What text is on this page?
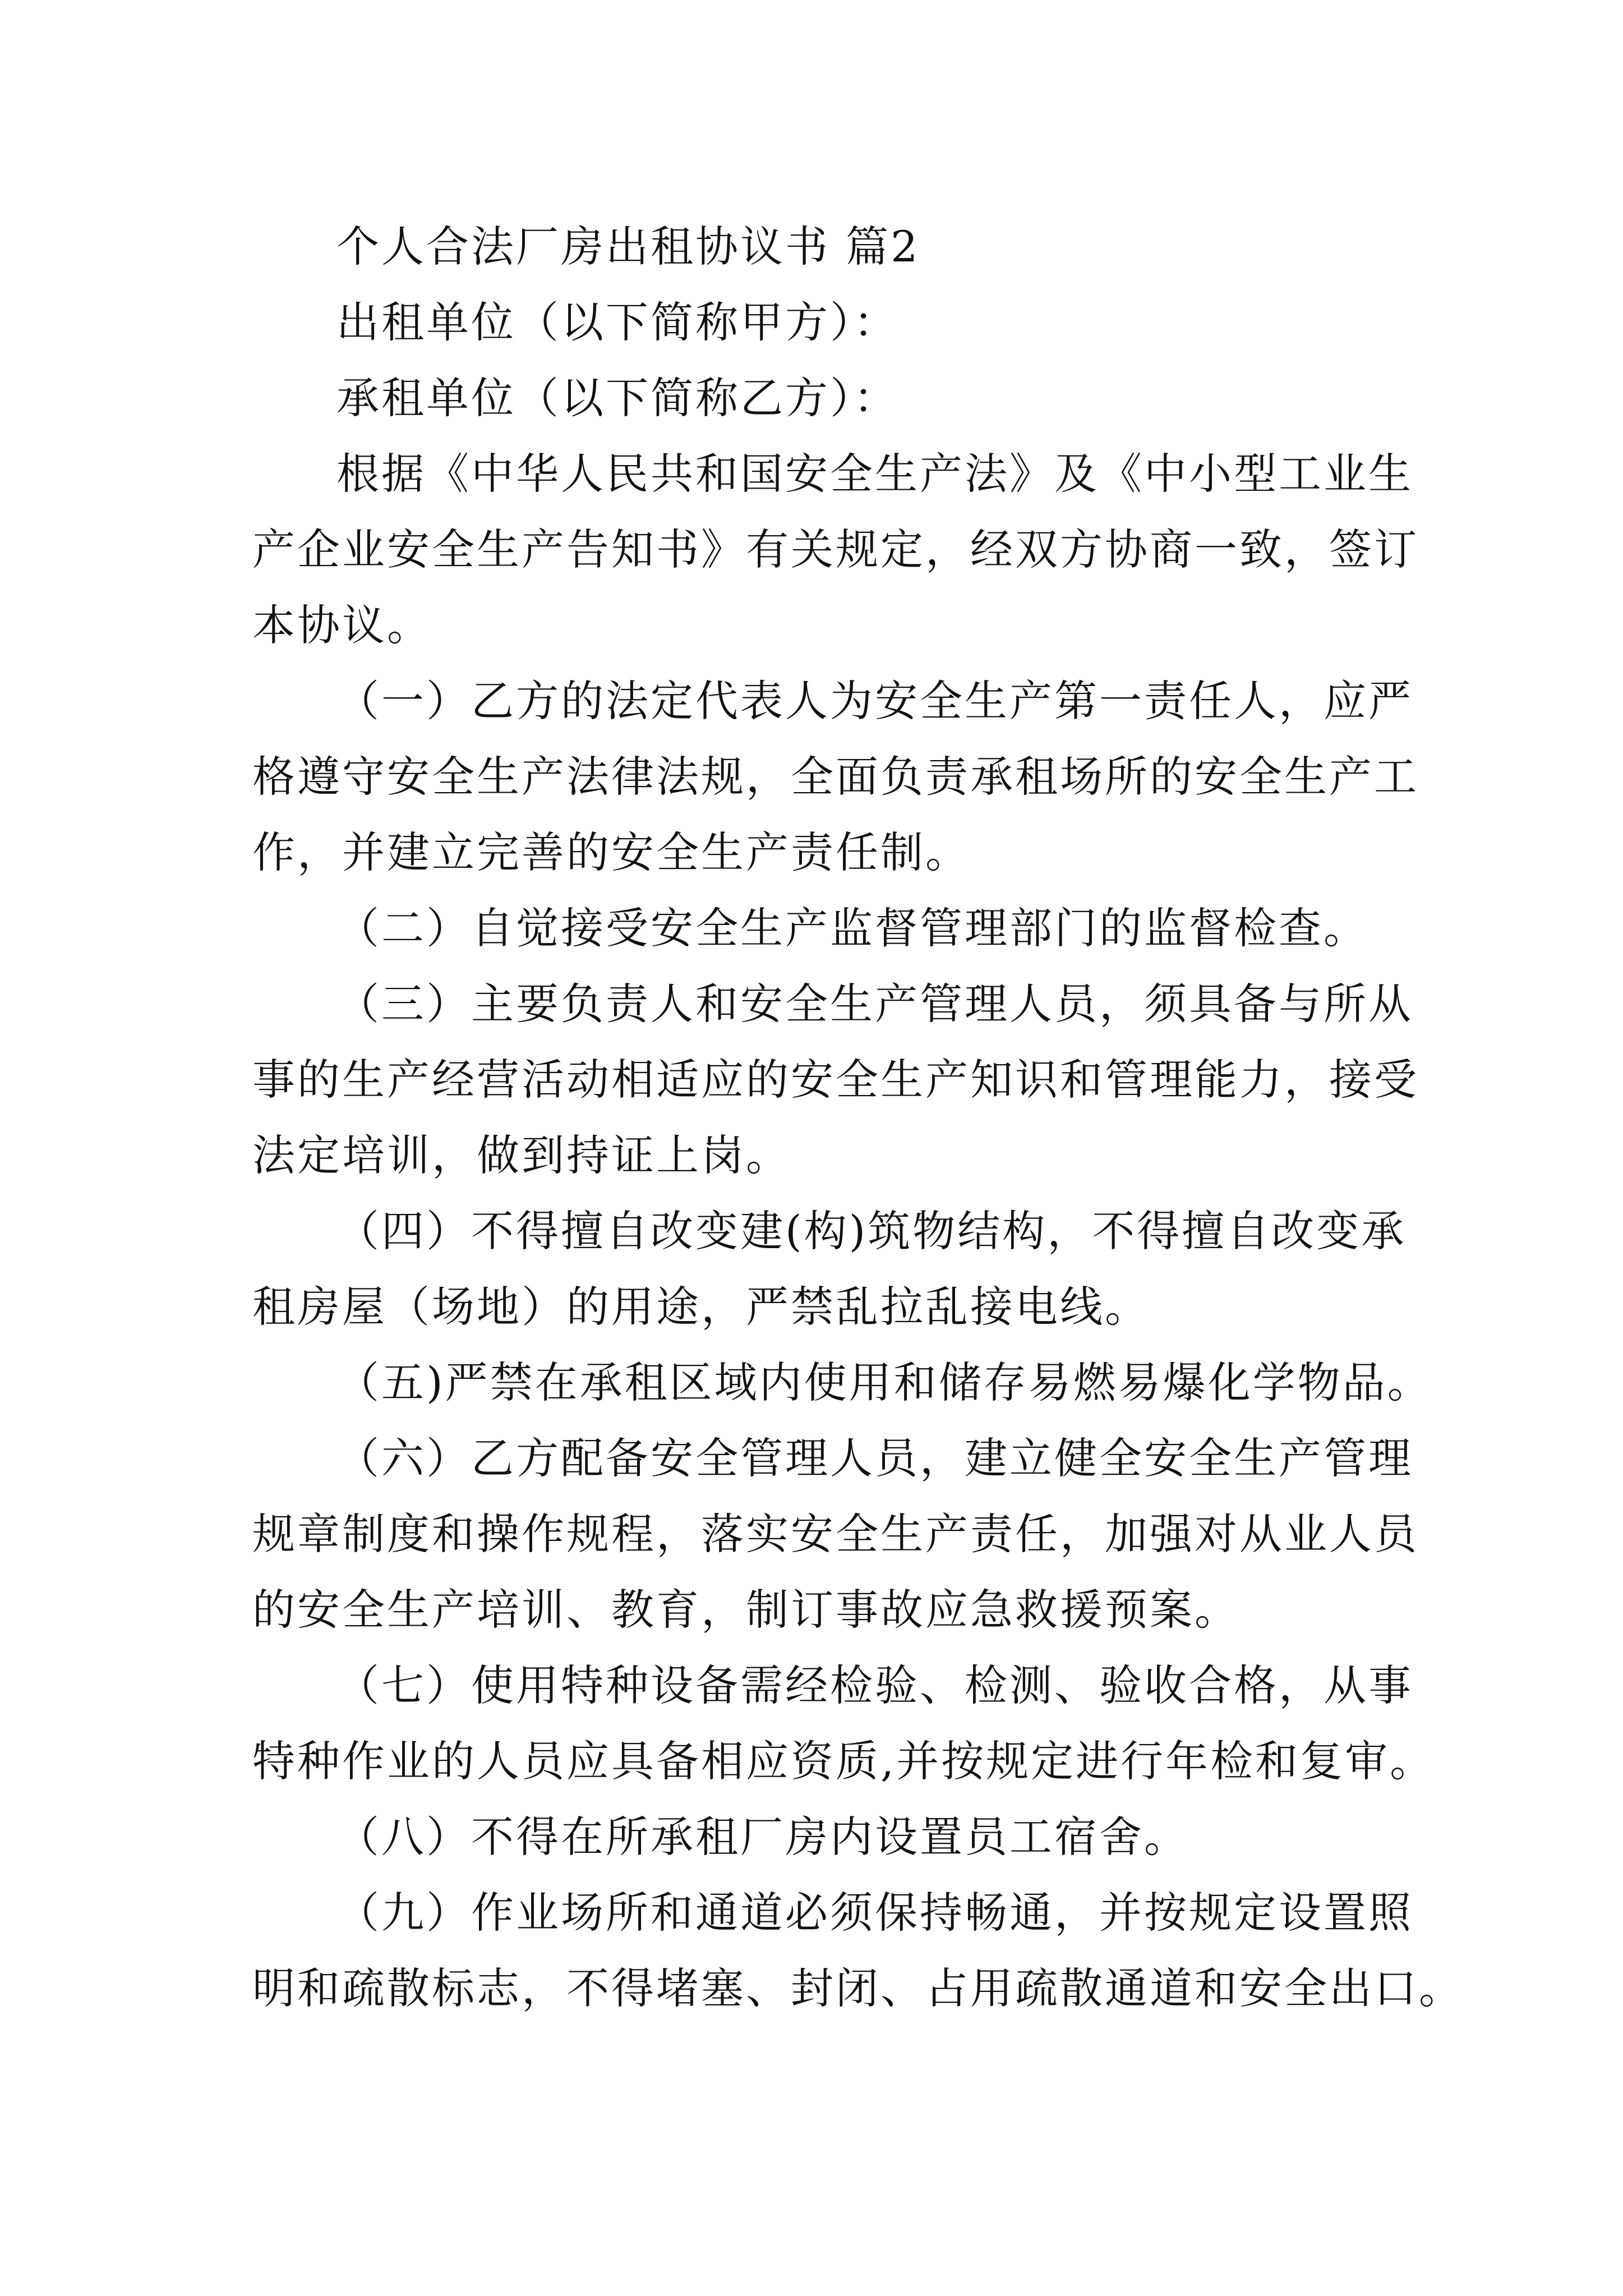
个人合法厂房出租协议书 篇2
出租单位（以下简称甲方）：
承租单位（以下简称乙方）：
根据《中华人民共和国安全生产法》及《中小型工业生
产企业安全生产告知书》有关规定，经双方协商一致，签订
本协议。
（一）乙方的法定代表人为安全生产第一责任人，应严
格遵守安全生产法律法规，全面负责承租场所的安全生产工
作，并建立完善的安全生产责任制。
（二）自觉接受安全生产监督管理部门的监督检查。
（三）主要负责人和安全生产管理人员，须具备与所从
事的生产经营活动相适应的安全生产知识和管理能力，接受
法定培训，做到持证上岗。
（四）不得擅自改变建(构)筑物结构，不得擅自改变承
租房屋（场地）的用途，严禁乱拉乱接电线。
（五)严禁在承租区域内使用和储存易燃易爆化学物品。
（六）乙方配备安全管理人员，建立健全安全生产管理
规章制度和操作规程，落实安全生产责任，加强对从业人员
的安全生产培训、教育，制订事故应急救援预案。
（七）使用特种设备需经检验、检测、验收合格，从事
特种作业的人员应具备相应资质,并按规定进行年检和复审。
（八）不得在所承租厂房内设置员工宿舍。
（九）作业场所和通道必须保持畅通，并按规定设置照
明和疏散标志，不得堵塞、封闭、占用疏散通道和安全出口。
